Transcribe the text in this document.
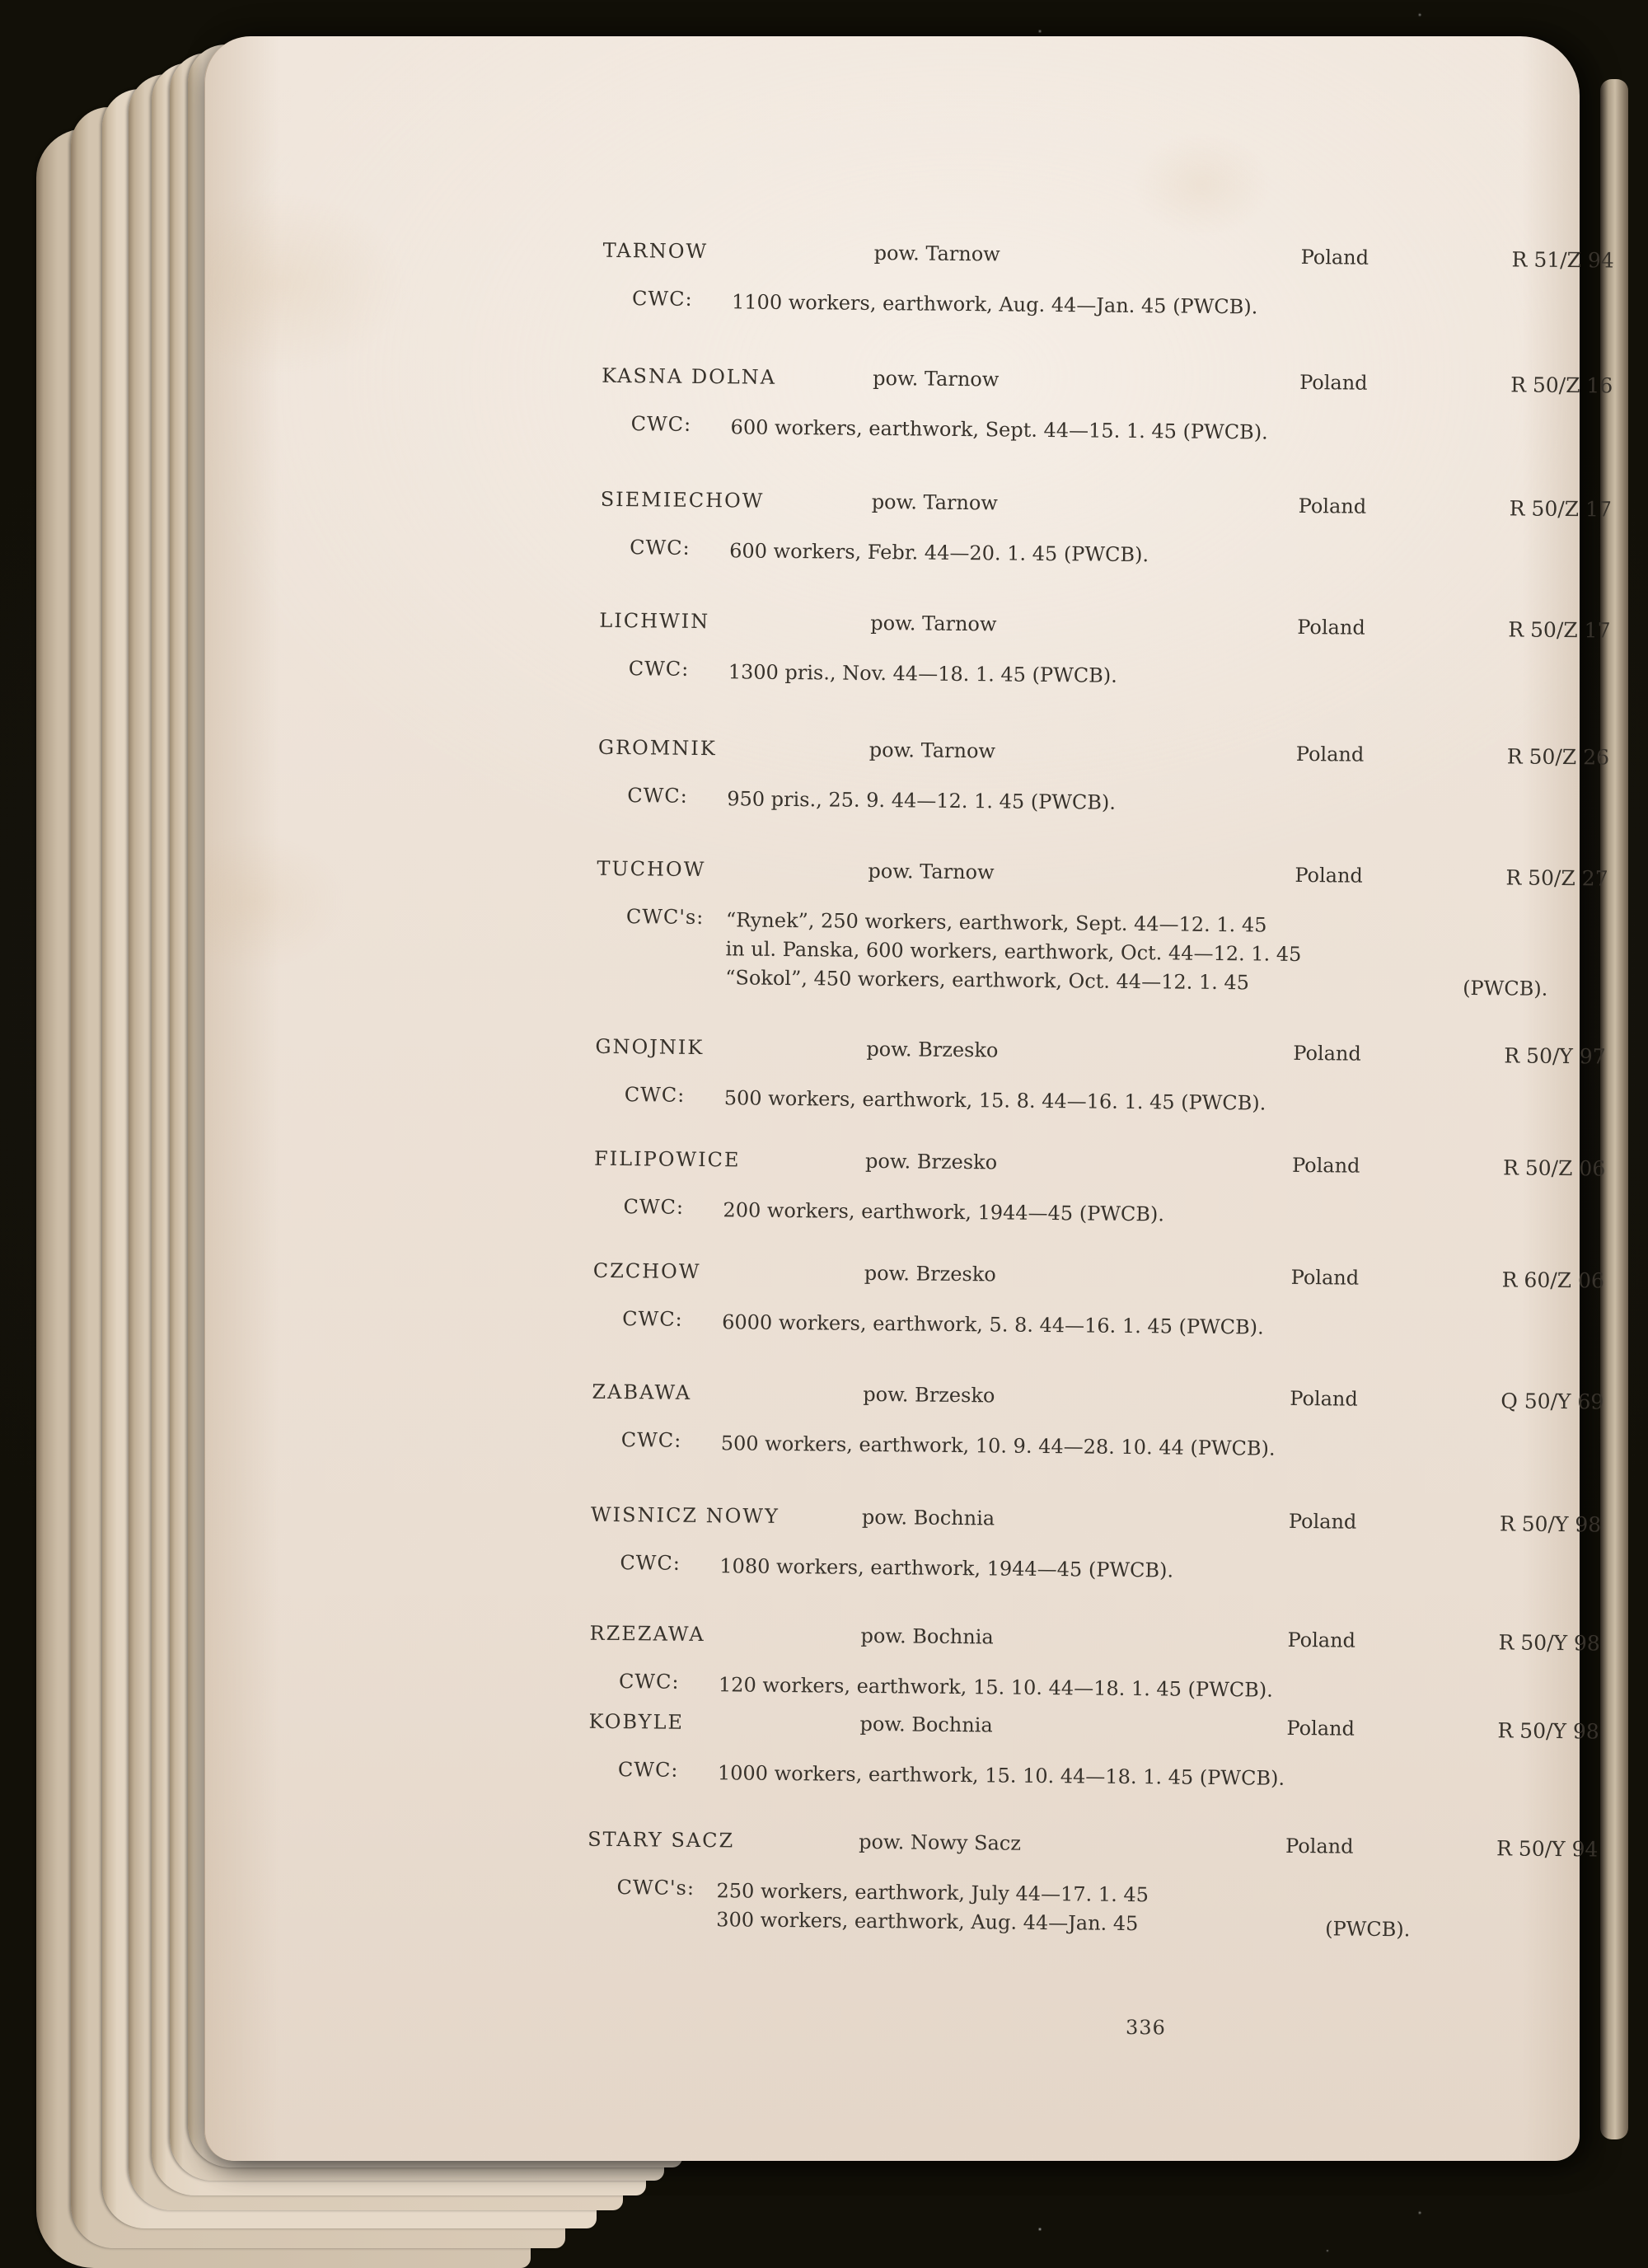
TARNOW	pow. Tarnow	Poland	R 51/Z 94
CWC: 1100 workers, earthwork, Aug. 44—Jan. 45 (PWCB).
KASNA DOLNA	pow. Tarnow	Poland	R 50/Z 16
CWC: 600 workers, earthwork, Sept. 44—15. 1. 45 (PWCB).
SIEMIECHOW	pow. Tarnow	Poland	R 50/Z 17
CWC: 600 workers, Febr. 44—20. 1. 45 (PWCB).
LICHWIN	pow. Tarnow	Poland	R 50/Z 17
CWC: 1300 pris., Nov. 44—18. 1. 45 (PWCB).
GROMNIK	pow. Tarnow	Poland	R 50/Z 26
CWC: 950 pris., 25. 9. 44—12. 1. 45 (PWCB).
TUCHOW	pow. Tarnow	Poland	R 50/Z 27
CWC's: “Rynek”, 250 workers, earthwork, Sept. 44—12. 1. 45
in ul. Panska, 600 workers, earthwork, Oct. 44—12. 1. 45
“Sokol”, 450 workers, earthwork, Oct. 44—12. 1. 45	(PWCB).
GNOJNIK	pow. Brzesko	Poland	R 50/Y 97
CWC: 500 workers, earthwork, 15. 8. 44—16. 1. 45 (PWCB).
FILIPOWICE	pow. Brzesko	Poland	R 50/Z 06
CWC: 200 workers, earthwork, 1944—45 (PWCB).
CZCHOW	pow. Brzesko	Poland	R 60/Z 06
CWC: 6000 workers, earthwork, 5. 8. 44—16. 1. 45 (PWCB).
ZABAWA	pow. Brzesko	Poland	Q 50/Y 69
CWC: 500 workers, earthwork, 10. 9. 44—28. 10. 44 (PWCB).
WISNICZ NOWY	pow. Bochnia	Poland	R 50/Y 98
CWC: 1080 workers, earthwork, 1944—45 (PWCB).
RZEZAWA	pow. Bochnia	Poland	R 50/Y 98
CWC: 120 workers, earthwork, 15. 10. 44—18. 1. 45 (PWCB).
KOBYLE	pow. Bochnia	Poland	R 50/Y 98
CWC: 1000 workers, earthwork, 15. 10. 44—18. 1. 45 (PWCB).
STARY SACZ	pow. Nowy Sacz	Poland	R 50/Y 94
CWC's: 250 workers, earthwork, July 44—17. 1. 45
300 workers, earthwork, Aug. 44—Jan. 45	(PWCB).
336
